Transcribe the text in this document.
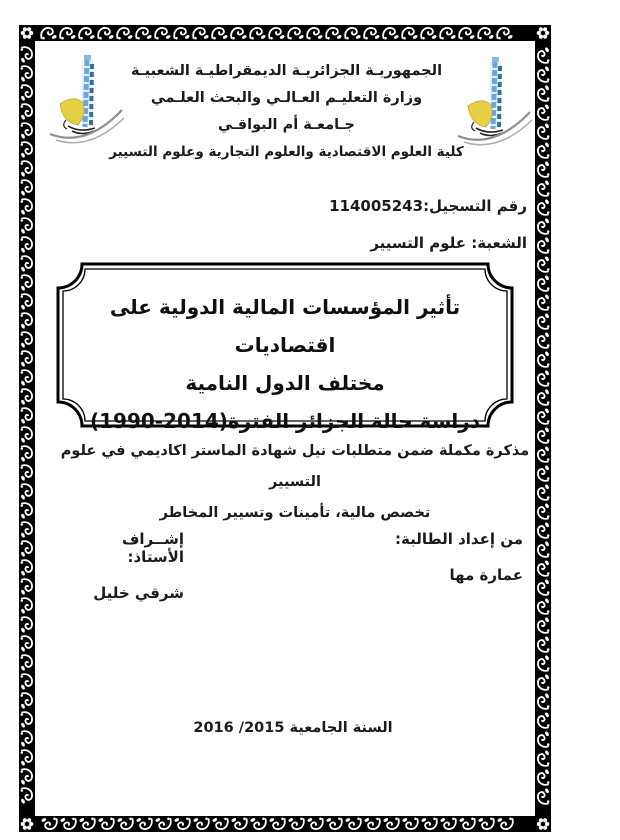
الجمهوريـة الجزائريـة الديمقراطيـة الشعبيـة
وزارة التعليـم العـالـي والبحث العلـمي
جـامعـة أم البواقـي
كلية العلوم الاقتصادية والعلوم التجارية وعلوم التسيير
رقم التسجيل:114005243
الشعبة: علوم التسيير
تأثير المؤسسات المالية الدولية على اقتصاديات
مختلف الدول النامية
دراسة حالة الجزائر الفترة(2014-1990)
مذكرة مكملة ضمن متطلبات نيل شهادة الماستر اكاديمي في علوم التسيير
تخصص مالية، تأمينات وتسيير المخاطر
من إعداد الطالبة:
عمارة مها
إشــراف الأستاذ:
شرقي خليل
السنة الجامعية 2015/ 2016
